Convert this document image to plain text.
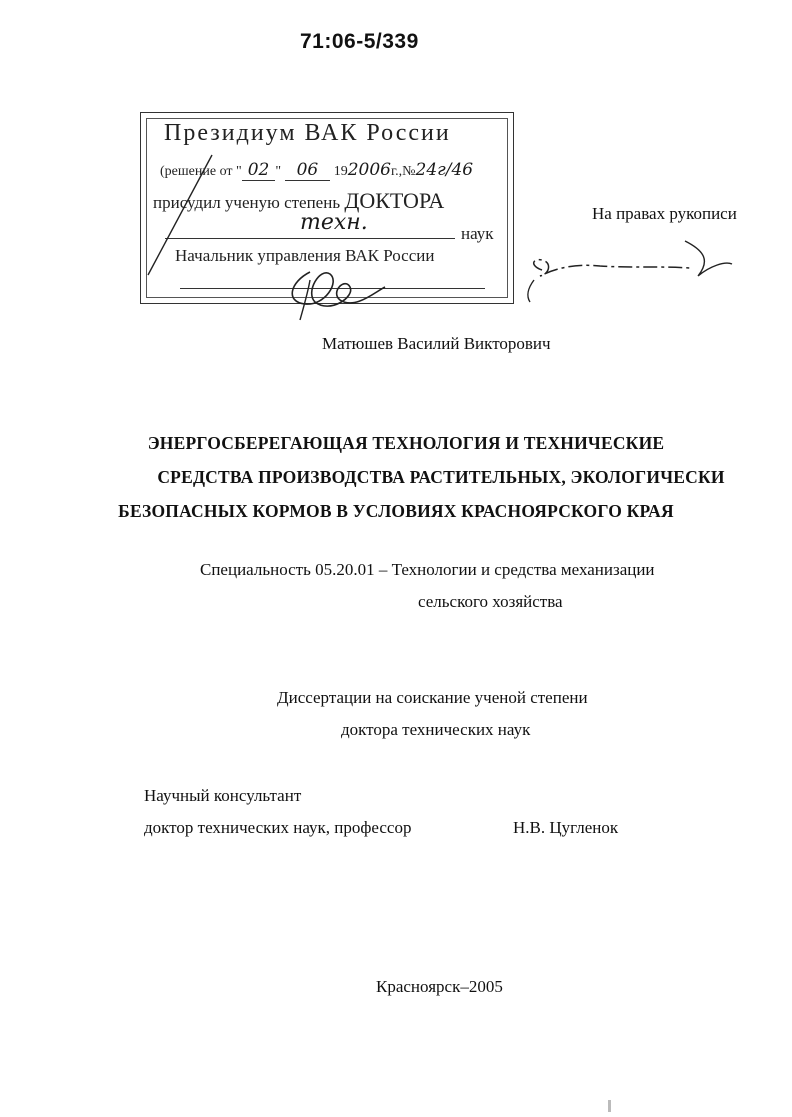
71:06-5/339
Президиум ВАК России
(решение от " 02 " 06 192006г.,№24г/46
присудил ученую степень ДОКТОРА
техн.	наук
Начальник управления ВАК России
На правах рукописи
Матюшев Василий Викторович
ЭНЕРГОСБЕРЕГАЮЩАЯ ТЕХНОЛОГИЯ И ТЕХНИЧЕСКИЕ
СРЕДСТВА ПРОИЗВОДСТВА РАСТИТЕЛЬНЫХ, ЭКОЛОГИЧЕСКИ
БЕЗОПАСНЫХ КОРМОВ В УСЛОВИЯХ КРАСНОЯРСКОГО КРАЯ
Специальность 05.20.01 – Технологии и средства механизации
сельского хозяйства
Диссертации на соискание ученой степени
доктора технических наук
Научный консультант
доктор технических наук, профессор	Н.В. Цугленок
Красноярск–2005
